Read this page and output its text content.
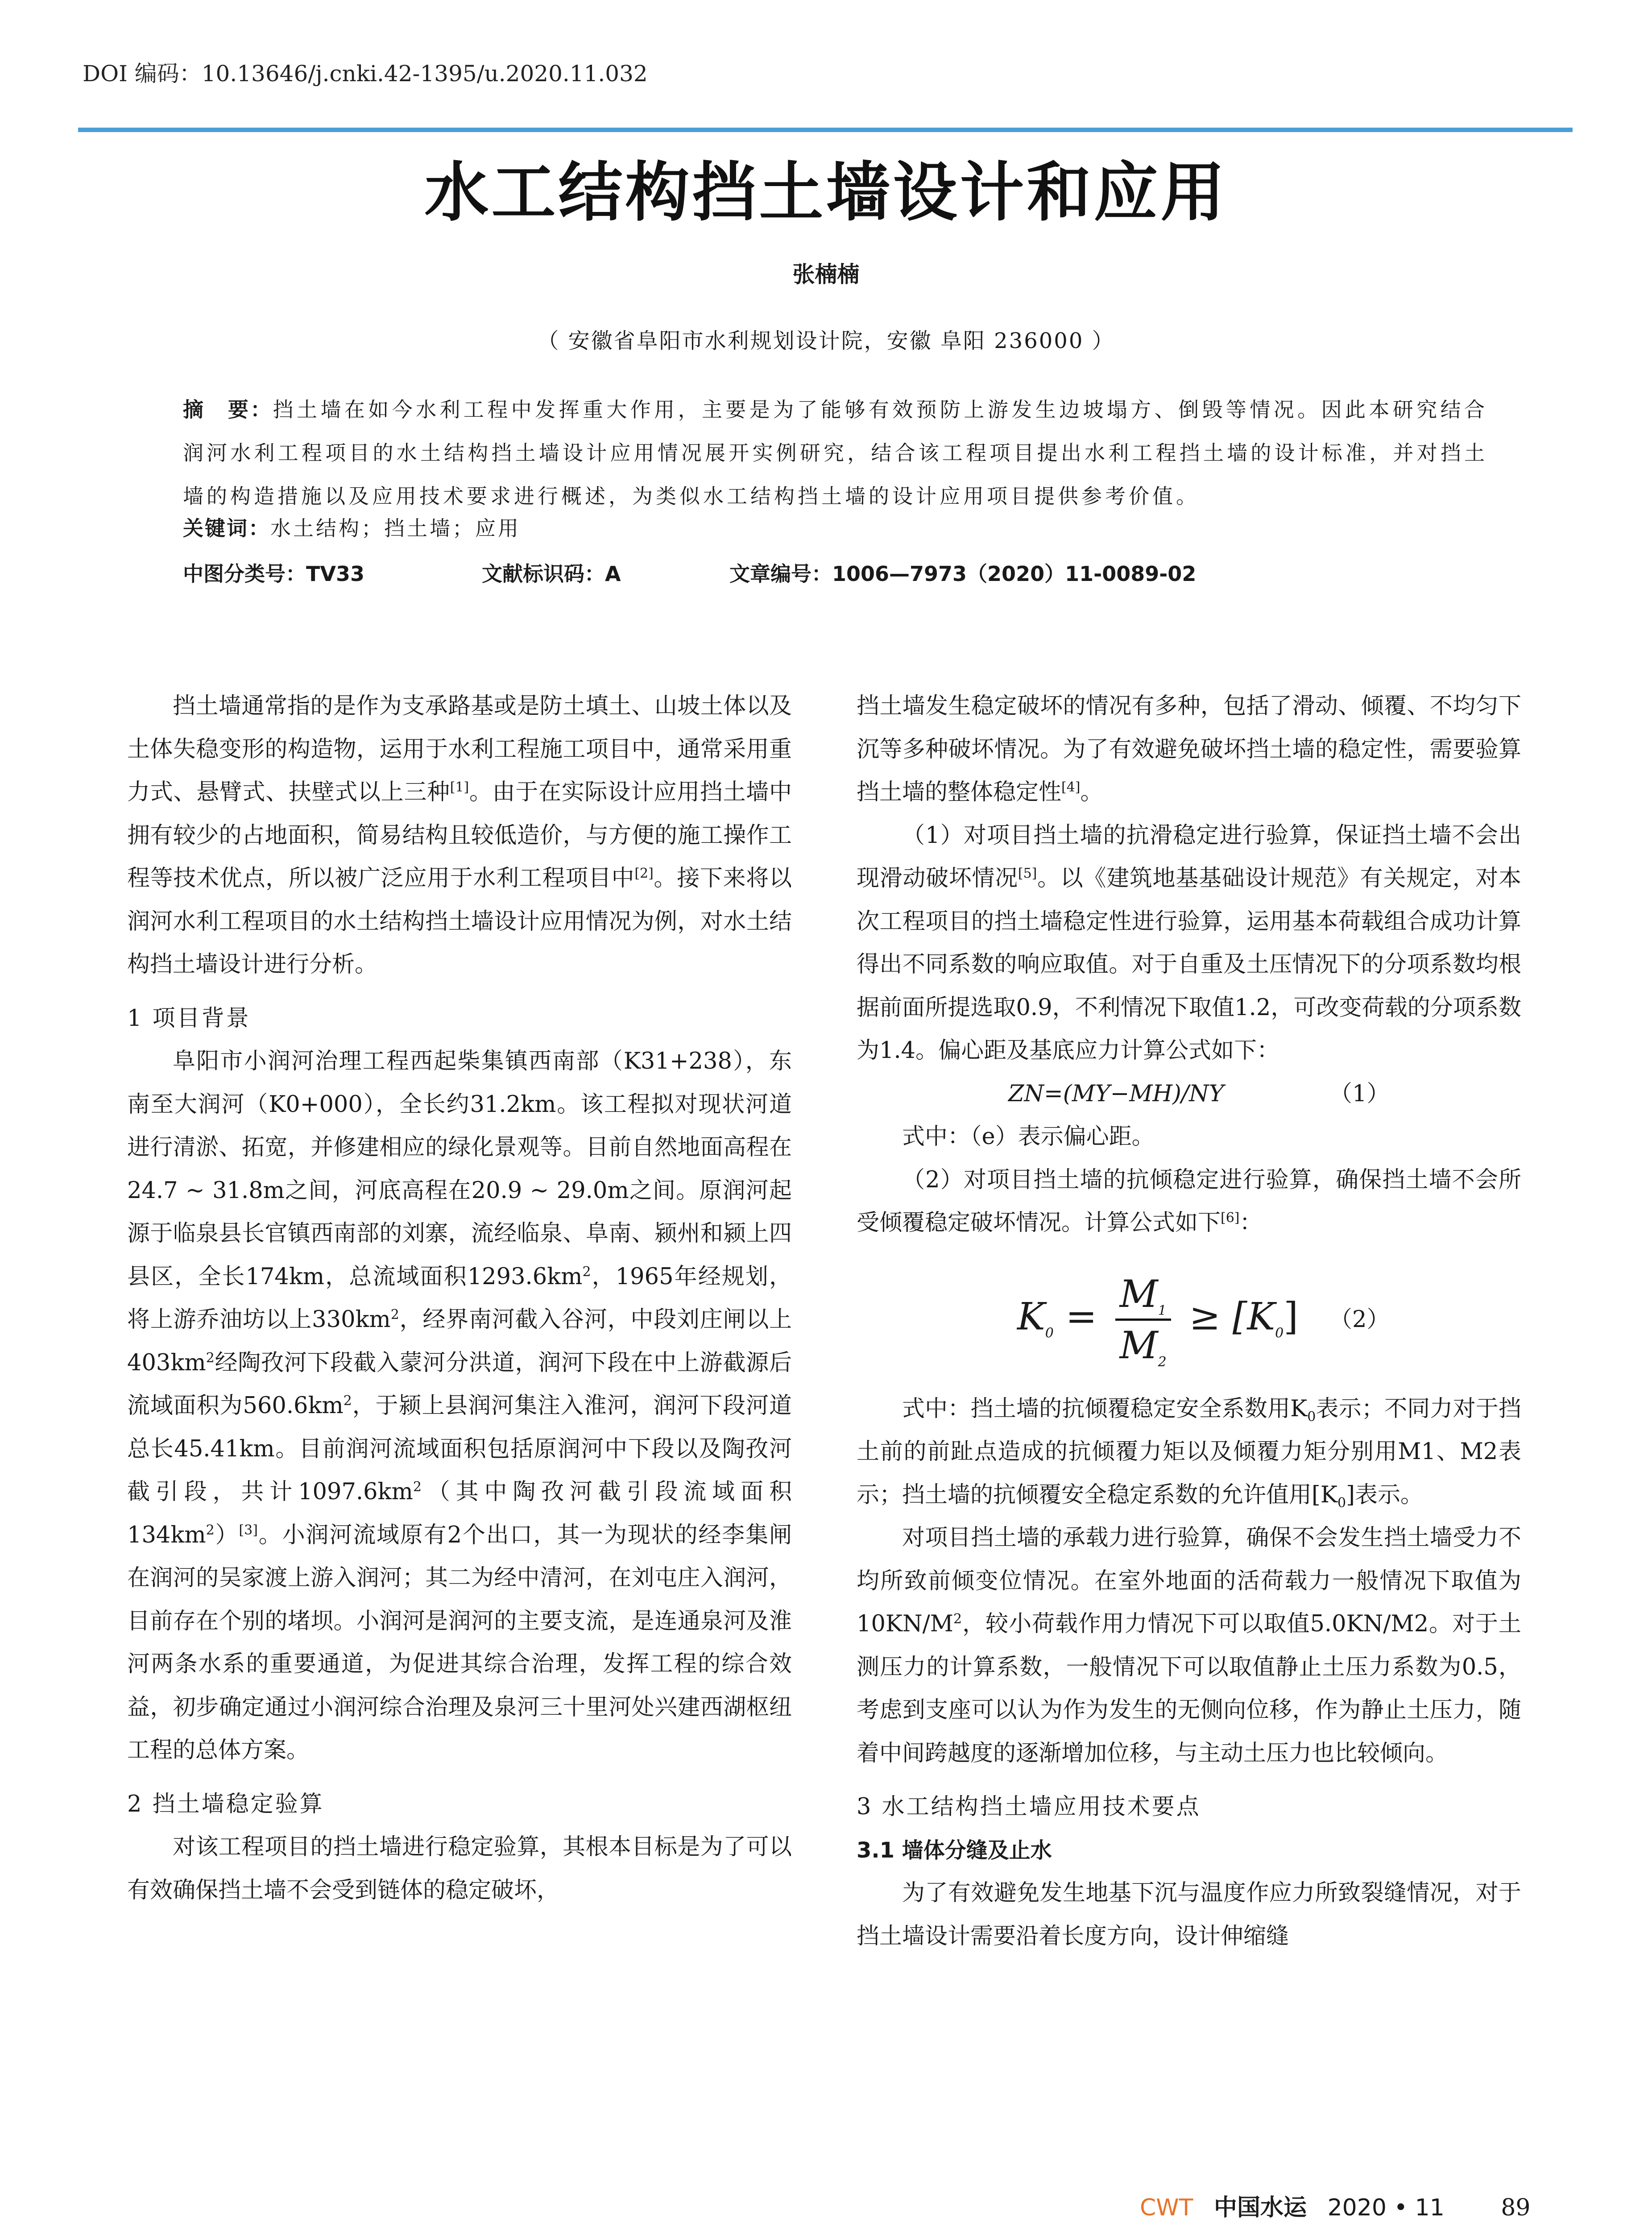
DOI 编码：10.13646/j.cnki.42-1395/u.2020.11.032
水工结构挡土墙设计和应用
张楠楠
（ 安徽省阜阳市水利规划设计院，安徽 阜阳 236000 ）
摘　要：挡土墙在如今水利工程中发挥重大作用，主要是为了能够有效预防上游发生边坡塌方、倒毁等情况。因此本研究结合润河水利工程项目的水土结构挡土墙设计应用情况展开实例研究，结合该工程项目提出水利工程挡土墙的设计标准，并对挡土墙的构造措施以及应用技术要求进行概述，为类似水工结构挡土墙的设计应用项目提供参考价值。
关键词：水土结构；挡土墙；应用
中图分类号：TV33	文献标识码：A	文章编号：1006—7973（2020）11-0089-02

挡土墙通常指的是作为支承路基或是防土填土、山坡土体以及土体失稳变形的构造物，运用于水利工程施工项目中，通常采用重力式、悬臂式、扶壁式以上三种[1]。由于在实际设计应用挡土墙中拥有较少的占地面积，简易结构且较低造价，与方便的施工操作工程等技术优点，所以被广泛应用于水利工程项目中[2]。接下来将以润河水利工程项目的水土结构挡土墙设计应用情况为例，对水土结构挡土墙设计进行分析。

1 项目背景

阜阳市小润河治理工程西起柴集镇西南部（K31+238），东南至大润河（K0+000），全长约31.2km。该工程拟对现状河道进行清淤、拓宽，并修建相应的绿化景观等。目前自然地面高程在24.7 ~ 31.8m之间，河底高程在20.9 ~ 29.0m之间。原润河起源于临泉县长官镇西南部的刘寨，流经临泉、阜南、颍州和颍上四县区，全长174km，总流域面积$1293.6km^2$，1965年经规划，将上游乔油坊以上$330km^2$，经界南河截入谷河，中段刘庄闸以上$403km^2$经陶孜河下段截入蒙河分洪道，润河下段在中上游截源后流域面积为$560.6km^2$，于颍上县润河集注入淮河，润河下段河道总长45.41km。目前润河流域面积包括原润河中下段以及陶孜河截引段，共计$1097.6km^2$（其中陶孜河截引段流域面积$134km^2)[3]$。小润河流域原有2个出口，其一为现状的经李集闸在润河的吴家渡上游入润河；其二为经中清河，在刘屯庄入润河，目前存在个别的堵坝。小润河是润河的主要支流，是连通泉河及淮河两条水系的重要通道，为促进其综合治理，发挥工程的综合效益，初步确定通过小润河综合治理及泉河三十里河处兴建西湖枢纽工程的总体方案。

2 挡土墙稳定验算

对该工程项目的挡土墙进行稳定验算，其根本目标是为了可以有效确保挡土墙不会受到链体的稳定破坏，

挡土墙发生稳定破坏的情况有多种，包括了滑动、倾覆、不均匀下沉等多种破坏情况。为了有效避免破坏挡土墙的稳定性，需要验算挡土墙的整体稳定性[4]。

（1）对项目挡土墙的抗滑稳定进行验算，保证挡土墙不会出现滑动破坏情况[5]。以《建筑地基基础设计规范》有关规定，对本次工程项目的挡土墙稳定性进行验算，运用基本荷载组合成功计算得出不同系数的响应取值。对于自重及土压情况下的分项系数均根据前面所提选取0.9，不利情况下取值1.2，可改变荷载的分项系数为1.4。偏心距及基底应力计算公式如下：

ZN=(MY−MH)/NY	（1）

式中：（e）表示偏心距。

（2）对项目挡土墙的抗倾稳定进行验算，确保挡土墙不会所受倾覆稳定破坏情况。计算公式如下[6]：

$K_0 = \frac{M_1}{M_2} \ge [K_0]$ （2）

式中：挡土墙的抗倾覆稳定安全系数用$K_0$表示；不同力对于挡土前的前趾点造成的抗倾覆力矩以及倾覆力矩分别用M1、M2表示；挡土墙的抗倾覆安全稳定系数的允许值用$[K_0]$表示。

对项目挡土墙的承载力进行验算，确保不会发生挡土墙受力不均所致前倾变位情况。在室外地面的活荷载力一般情况下取值为$10KN/M^2$，较小荷载作用力情况下可以取值5.0KN/M2。对于土测压力的计算系数，一般情况下可以取值静止土压力系数为0.5，考虑到支座可以认为作为发生的无侧向位移，作为静止土压力，随着中间跨越度的逐渐增加位移，与主动土压力也比较倾向。

3 水工结构挡土墙应用技术要点
3.1 墙体分缝及止水

为了有效避免发生地基下沉与温度作应力所致裂缝情况，对于挡土墙设计需要沿着长度方向，设计伸缩缝

CWT 中国水运 2020 • 11 89
